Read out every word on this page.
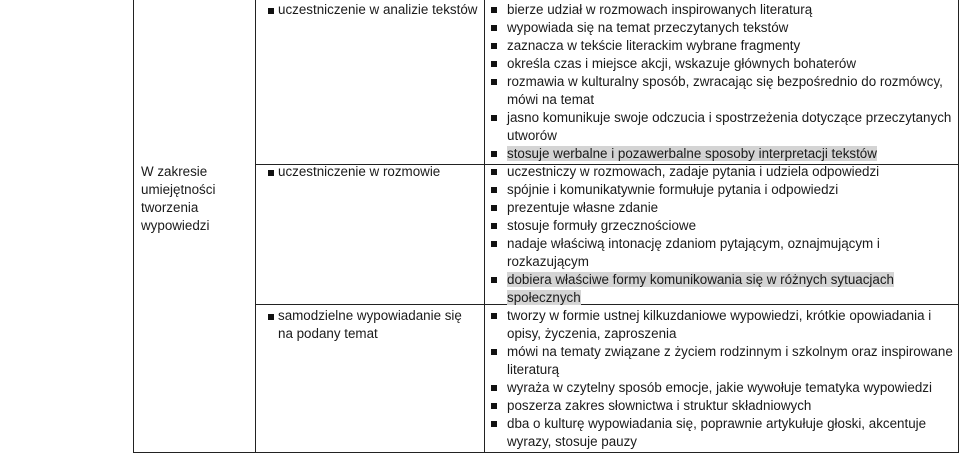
W zakresie umiejętności tworzenia wypowiedzi
uczestniczenie w analizie tekstów
uczestniczenie w rozmowie
samodzielne wypowiadanie się na podany temat
bierze udział w rozmowach inspirowanych literaturą
wypowiada się na temat przeczytanych tekstów
zaznacza w tekście literackim wybrane fragmenty
określa czas i miejsce akcji, wskazuje głównych bohaterów
rozmawia w kulturalny sposób, zwracając się bezpośrednio do rozmówcy, mówi na temat
jasno komunikuje swoje odczucia i spostrzeżenia dotyczące przeczytanych utworów
stosuje werbalne i pozawerbalne sposoby interpretacji tekstów
uczestniczy w rozmowach, zadaje pytania i udziela odpowiedzi
spójnie i komunikatywnie formułuje pytania i odpowiedzi
prezentuje własne zdanie
stosuje formuły grzecznościowe
nadaje właściwą intonację zdaniom pytającym, oznajmującym i rozkazującym
dobiera właściwe formy komunikowania się w różnych sytuacjach społecznych
tworzy w formie ustnej kilkuzdaniowe wypowiedzi, krótkie opowiadania i opisy, życzenia, zaproszenia
mówi na tematy związane z życiem rodzinnym i szkolnym oraz inspirowane literaturą
wyraża w czytelny sposób emocje, jakie wywołuje tematyka wypowiedzi
poszerza zakres słownictwa i struktur składniowych
dba o kulturę wypowiadania się, poprawnie artykułuje głoski, akcentuje wyrazy, stosuje pauzy
